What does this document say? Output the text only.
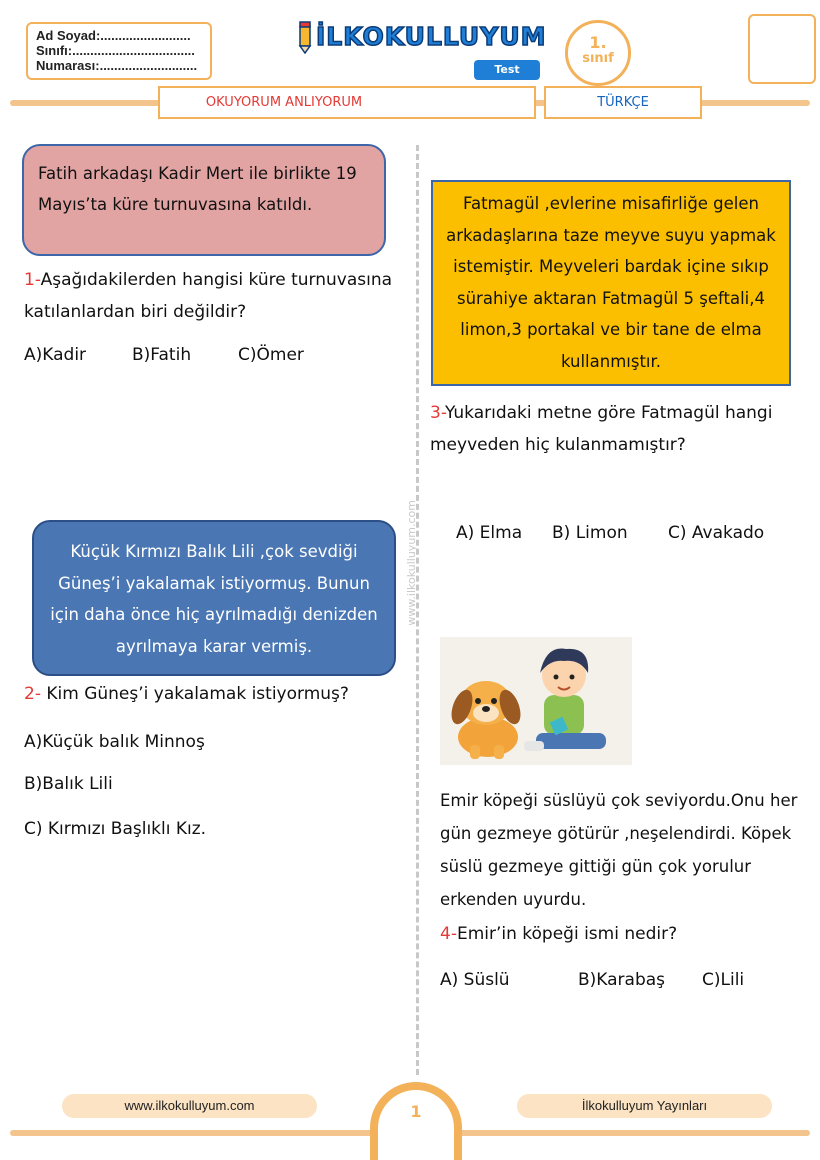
Ad Soyad:.........................
Sınıfı:..................................
Numarası:...........................
İLKOKULLUYUM
Test
1.
sınıf
OKUYORUM ANLIYORUM	TÜRKÇE
www.ilkokulluyum.com
Fatih arkadaşı Kadir Mert ile birlikte 19 Mayıs’ta küre turnuvasına katıldı.
1-Aşağıdakilerden hangisi küre turnuvasına katılanlardan biri değildir?
A)Kadir	B)Fatih	C)Ömer
Küçük Kırmızı Balık Lili ,çok sevdiği Güneş’i yakalamak istiyormuş. Bunun için daha önce hiç ayrılmadığı denizden ayrılmaya karar vermiş.
2- Kim Güneş’i yakalamak istiyormuş?
A)Küçük balık Minnoş
B)Balık Lili
C) Kırmızı Başlıklı Kız.
Fatmagül ,evlerine misafirliğe gelen arkadaşlarına taze meyve suyu yapmak istemiştir. Meyveleri bardak içine sıkıp sürahiye aktaran Fatmagül 5 şeftali,4 limon,3 portakal ve bir tane de elma kullanmıştır.
3-Yukarıdaki metne göre Fatmagül hangi meyveden hiç kulanmamıştır?
A) Elma B) Limon C) Avakado
Emir köpeği süslüyü çok seviyordu.Onu her gün gezmeye götürür ,neşelendirdi. Köpek süslü gezmeye gittiği gün çok yorulur erkenden uyurdu.
4-Emir’in köpeği ismi nedir?
A) Süslü	B)Karabaş C)Lili
www.ilkokulluyum.com	İlkokulluyum Yayınları
1
